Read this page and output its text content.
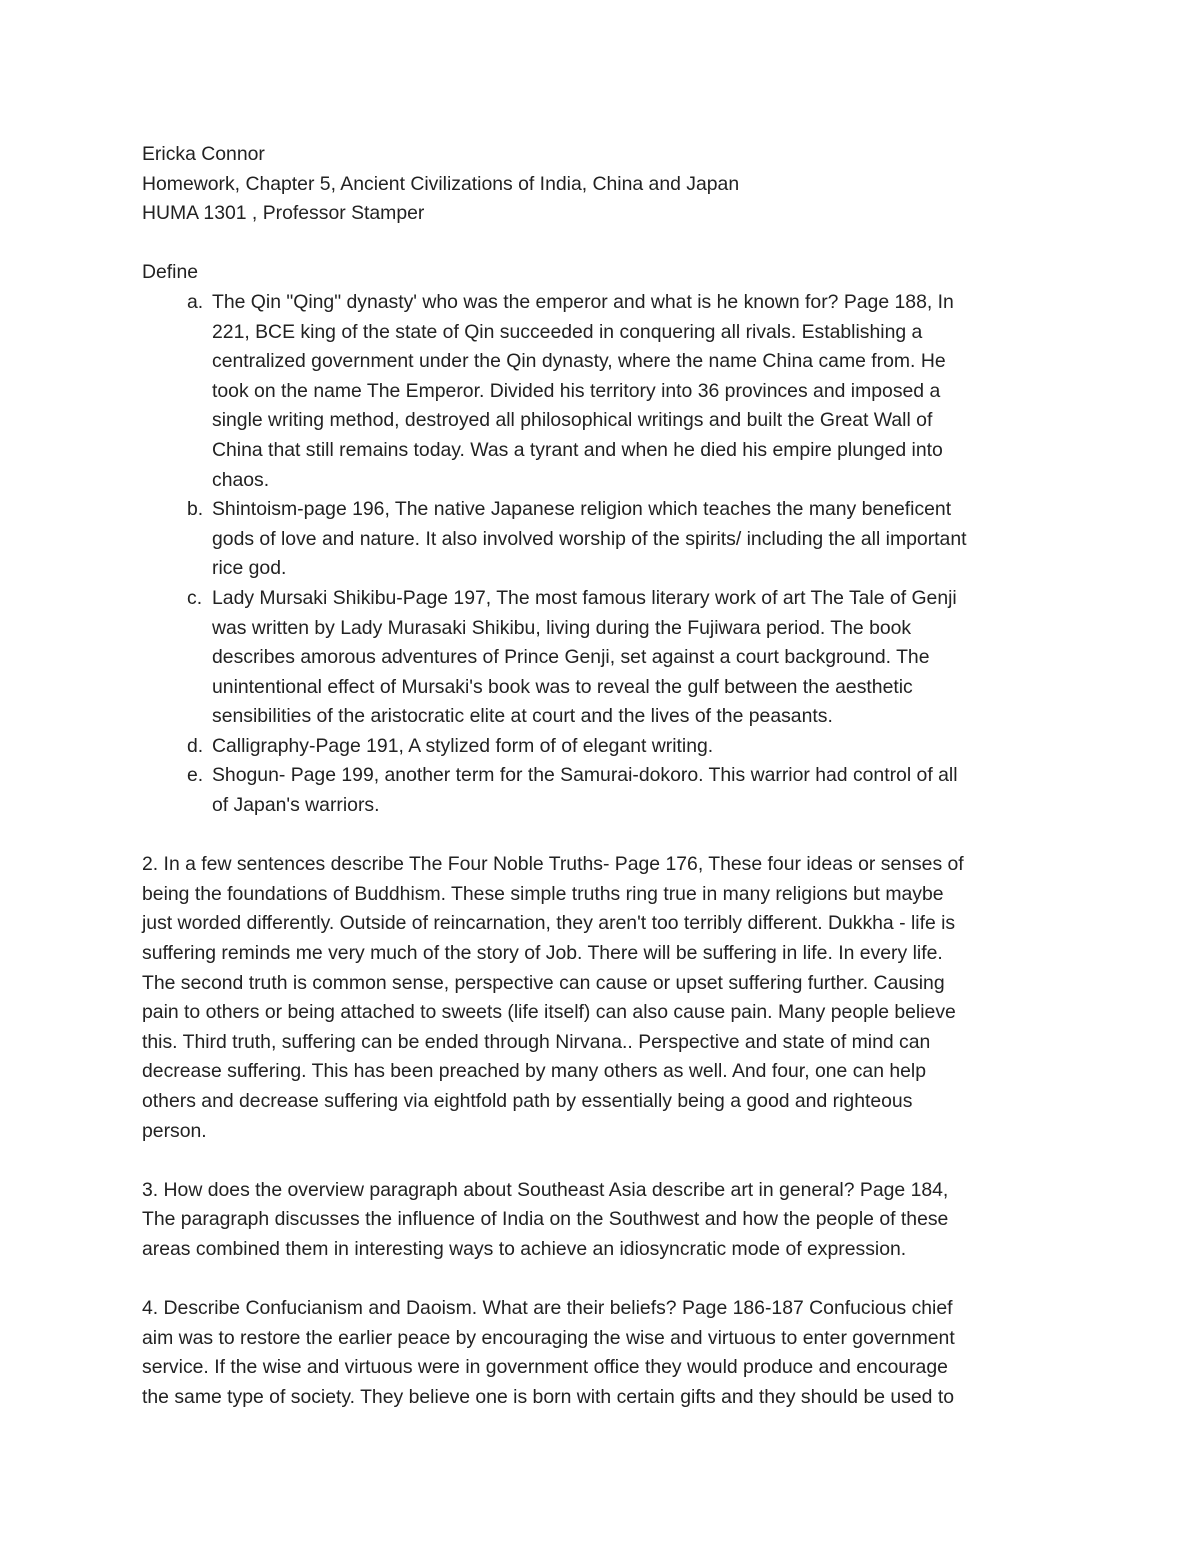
Ericka Connor
Homework, Chapter 5, Ancient Civilizations of India, China and Japan
HUMA 1301 , Professor Stamper
Define
a. The Qin "Qing" dynasty' who was the emperor and what is he known for? Page 188, In
221, BCE king of the state of Qin succeeded in conquering all rivals. Establishing a
centralized government under the Qin dynasty, where the name China came from. He
took on the name The Emperor. Divided his territory into 36 provinces and imposed a
single writing method, destroyed all philosophical writings and built the Great Wall of
China that still remains today. Was a tyrant and when he died his empire plunged into
chaos.
b. Shintoism-page 196, The native Japanese religion which teaches the many beneficent
gods of love and nature. It also involved worship of the spirits/ including the all important
rice god.
c. Lady Mursaki Shikibu-Page 197, The most famous literary work of art The Tale of Genji
was written by Lady Murasaki Shikibu, living during the Fujiwara period. The book
describes amorous adventures of Prince Genji, set against a court background. The
unintentional effect of Mursaki's book was to reveal the gulf between the aesthetic
sensibilities of the aristocratic elite at court and the lives of the peasants.
d. Calligraphy-Page 191, A stylized form of of elegant writing.
e. Shogun- Page 199, another term for the Samurai-dokoro. This warrior had control of all
of Japan's warriors.
2. In a few sentences describe The Four Noble Truths- Page 176, These four ideas or senses of
being the foundations of Buddhism. These simple truths ring true in many religions but maybe
just worded differently. Outside of reincarnation, they aren't too terribly different. Dukkha - life is
suffering reminds me very much of the story of Job. There will be suffering in life. In every life.
The second truth is common sense, perspective can cause or upset suffering further. Causing
pain to others or being attached to sweets (life itself) can also cause pain. Many people believe
this. Third truth, suffering can be ended through Nirvana.. Perspective and state of mind can
decrease suffering. This has been preached by many others as well. And four, one can help
others and decrease suffering via eightfold path by essentially being a good and righteous
person.
3. How does the overview paragraph about Southeast Asia describe art in general? Page 184,
The paragraph discusses the influence of India on the Southwest and how the people of these
areas combined them in interesting ways to achieve an idiosyncratic mode of expression.
4. Describe Confucianism and Daoism. What are their beliefs? Page 186-187 Confucious chief
aim was to restore the earlier peace by encouraging the wise and virtuous to enter government
service. If the wise and virtuous were in government office they would produce and encourage
the same type of society. They believe one is born with certain gifts and they should be used to
